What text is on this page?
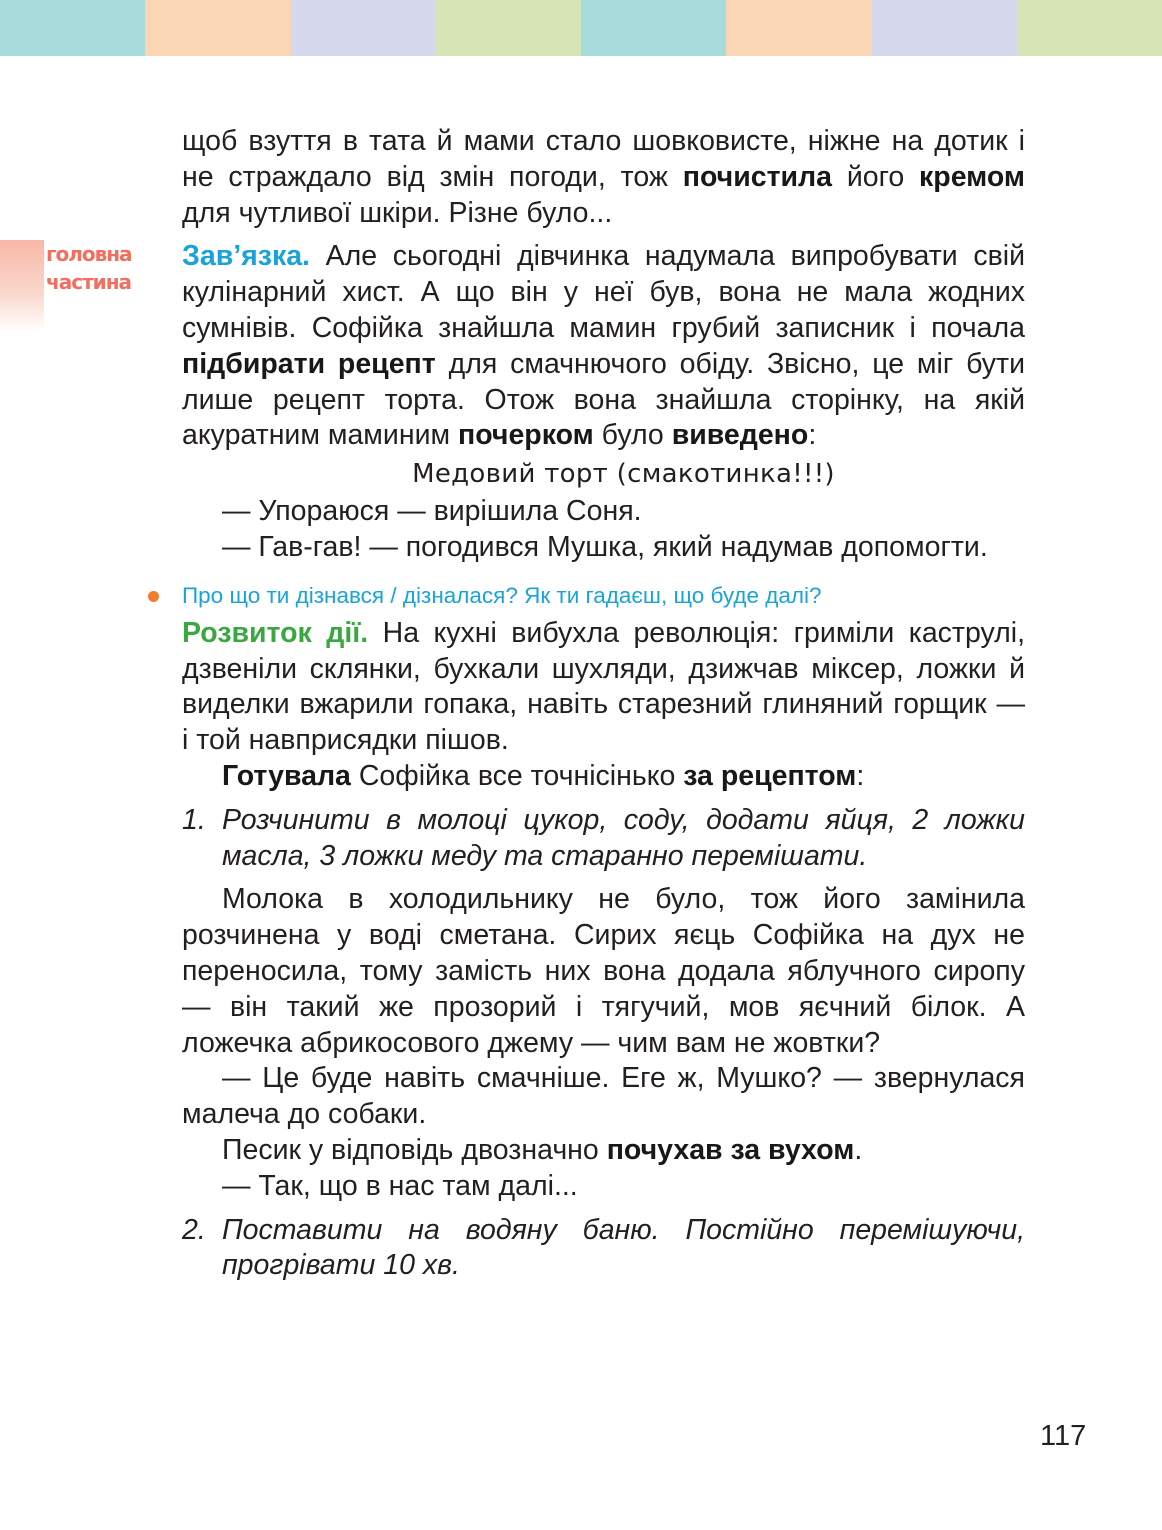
головна
частина

щоб взуття в тата й мами стало шовковисте, ніжне на дотик і не страждало від змін погоди, тож почистила його кремом для чутливої шкіри. Різне було...

Зав’язка. Але сьогодні дівчинка надумала випробувати свій кулінарний хист. А що він у неї був, вона не мала жодних сумнівів. Софійка знайшла мамин грубий записник і почала підбирати рецепт для смачнючого обіду. Звісно, це міг бути лише рецепт торта. Отож вона знайшла сторінку, на якій акуратним маминим почерком було виведено:

Медовий торт (смакотинка!!!)

— Упораюся — вирішила Соня.

— Гав-гав! — погодився Мушка, який надумав допомогти.

Про що ти дізнався / дізналася? Як ти гадаєш, що буде далі?

Розвиток дії. На кухні вибухла революція: гриміли каструлі, дзвеніли склянки, бухкали шухляди, дзижчав міксер, ложки й виделки вжарили гопака, навіть старезний глиняний горщик — і той навприсядки пішов.

Готувала Софійка все точнісінько за рецептом:

1. Розчинити в молоці цукор, соду, додати яйця, 2 ложки масла, 3 ложки меду та старанно перемішати.

Молока в холодильнику не було, тож його замінила розчинена у воді сметана. Сирих яєць Софійка на дух не переносила, тому замість них вона додала яблучного сиропу — він такий же прозорий і тягучий, мов яєчний білок. А ложечка абрикосового джему — чим вам не жовтки?

— Це буде навіть смачніше. Еге ж, Мушко? — звернулася малеча до собаки.

Песик у відповідь двозначно почухав за вухом.

— Так, що в нас там далі...

2. Поставити на водяну баню. Постійно перемішуючи, прогрівати 10 хв.
117
